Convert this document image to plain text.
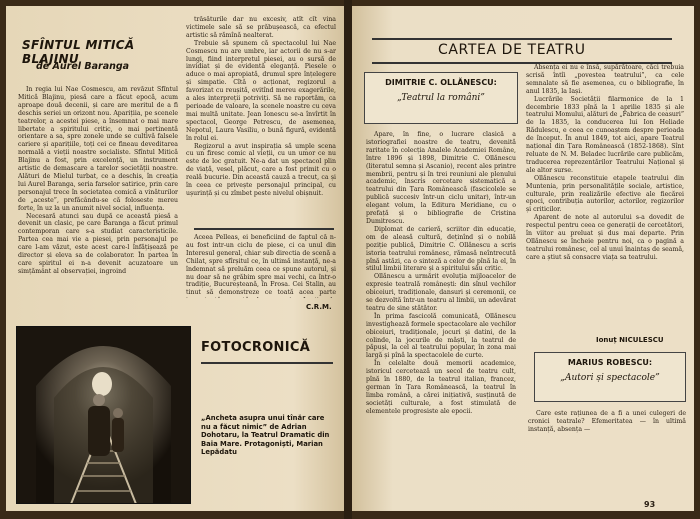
SFÎNTUL MITICĂ BLAJINU
de Aurel Baranga

În regia lui Nae Cosmescu, am revăzut Sfîntul Mitică Blajinu, piesă care a făcut epocă, acum aproape două decenii, și care are meritul de a fi deschis seriei un orizont nou. Aparițiia, pe scenele teatrelor, a acestei piese, a însemnat o mai mare libertate a spiritului critic, o mai pertinentă orientare a sa, spre zonele unde se cultivă falsele cariere și aparițiile, toți cei ce fineau deveditarea normală a vieții noastre socialiste. Sfîntul Mitică Blajinu a fost, prin excelență, un instrument artistic de demascare a tarelor societății noastre. Alături de Mielul turbat, ce a deschis, în creația lui Aurel Baranga, seria farselor satirice, prin care personajul trece în societatea comică a vinăturilor de „aceste”, prefăcându-se că foloseste mereu forte, în uz la un anumit nivel social, influența.

Necesară atunci sau după ce această piesă a devenit un clasic, pe care Baranga a făcut primul contemporan care s-a studiat caracteristicile. Partea cea mai vie a piesei, prin personajul pe care l-am văzut, este acest care-l înfățișează pe director și eleva sa de colaborator. În partea în care spiritul ei n-a devenit acuzatoare un simțământ al observației, ingroind

trăsăturile dar nu excesiv, atît cît vina victimele sale să se prăbușească, ca efectul artistic să rămînă nealterat.

Trebuie să spunem că spectacolul lui Nae Cosmescu nu are umbre, iar actorii de nu s-ar lungi, fiind interpretul piesei, au o sursă de invidiat și de evidentă eleganță. Piesele o aduce o mai apropiată, drumul spre înțelegere și simpatie. Cîtă o acționat, regizorul a favorizat cu reușită, evitînd mereu exagerările, a ales interpreții potriviți. Să ne raportăm, ca perioade de valoare, la scenele noastre cu ceva mai multă unitate. Jean Ionescu se-a învîrtit în spectacol, George Petrescu, de asemenea, Nepotul, Laura Vasiliu, o bună figură, evidentă în rolul ei.

Regizorul a avut inspirația să umple scena cu un firesc comic al vieții, cu un umor ce nu este de loc gratuit. Ne-a dat un spectacol plin de viață, vesel, plăcut, care a fost primit cu o reală bucurie. Din această cauză a trecut, ca și în ceea ce privește personajul principal, cu ușurință și cu zîmbet peste nivelul obișnuit.

Aceea Pelleas, ei beneficiind de faptul că n-au fost intr-un ciclu de piese, ci ca unul din Interesul general, chiar sub directia de scenă a Chilat, spre sfîrșitul ce, în ultimă instanță, ne-a îndemnat să preluăm ceea ce spune autorul, și nu doar să ne grăbim spre mai vechi, ca într-o tradiție, Bucureșteană, în Frosa. Cei Stalin, au tinut să demonstreze ce toată acea parte

C.R.M.
FOTOCRONICĂ
„Ancheta asupra unui tînăr care nu a făcut nimic” de Adrian Dohotaru, la Teatrul Dramatic din Baia Mare. Protagoniști, Marian Lepădatu
CARTEA DE TEATRU
DIMITRIE C. OLLĂNESCU:
„Teatrul la români”

Apare, în fine, o lucrare clasică a istoriografiei noastre de teatru, devenită raritate în colecția Analele Academiei Române, între 1896 și 1898, Dimitrie C. Ollănescu (literatul semna și Ascanio), recent ales printre membrii, pentru și în trei reuniuni ale plenului academic, înscris cercetare sistematică a teatrului din Țara Românească (fascicolele se publică succesiv într-un ciclu unitar), într-un elegant volum, la Editura Meridiane, cu o prefață și o bibliografie de Cristina Dumitrescu.

Diplomat de carieră, scriitor din educație, om de aleasă cultură, deținînd și o nobilă poziție publică, Dimitrie C. Ollănescu a scris istoria teatrului românesc, rămasă neîntrecută pînă astăzi, ca o sinteză a celor de pînă la el, în stilul limbii literare și a spiritului său critic.

Ollănescu a urmărit evoluția mijloacelor de expresie teatrală românești: din sînul vechilor obiceiuri, tradiționale, dansuri și ceremonii, ce se dezvoltă într-un teatru al limbii, un adevărat teatru de sine stătător.

În prima fascicolă comunicată, Ollănescu investighează formele spectacolare ale vechilor obiceiuri, tradiționale, jocuri și datini, de la colinde, la jocurile de măști, la teatrul de păpuși, la cel al teatrului popular, în zona mai largă și pînă la spectacolele de curte.

În celelalte două memorii academice, istoricul cercetează un secol de teatru cult, pînă în 1880, de la teatrul italian, francez, german în Țara Românească, la teatrul în limba română, a cărei inițiativă, susținută de societăți culturale, a fost stimulată de elementele progresiste ale epocii.

Absența ei nu e însă, supărătoare, căci trebuia scrisă întîi „povestea teatrului”, ca cele semnalate să fie asemenea, cu o bibliografie, în anul 1835, la Iași.

Lucrările Societății filarmonice de la 1 decembrie 1833 pînă la 1 aprilie 1835 și ale teatrului Momului, alături de „Fabrica de ceasuri” de la 1835, la conducerea lui Ion Heliade Rădulescu, e ceea ce cunoaștem despre perioada de început. În anul 1849, tot aici, apare Teatrul național din Țara Românească (1852-1868). Sînt reluate de N. M. Beladec lucrările care publicăm, traducerea reprezentărilor Teatrului Național și ale altor surse.

Ollănescu reconstituie etapele teatrului din Muntenia, prin personalitățile sociale, artistice, culturale, prin realizările efective ale fiecărei epoci, contribuția autorilor, actorilor, regizorilor și criticilor.

Aparent de note al autorului s-a dovedit de respectul pentru ceea ce generații de cercetători, în viitor au preluat și dus mai departe. Prin Ollănescu se încheie pentru noi, ca o pagină a teatrului românesc, cel al unui înaintaș de seamă, care a știut să consacre viața sa teatrului.

Ionuț NICULESCU
MARIUS ROBESCU:
„Autori și spectacole”

Care este rațiunea de a fi a unei culegeri de cronici teatrale? Efemeritatea — în ultimă instanță, absența —

93
